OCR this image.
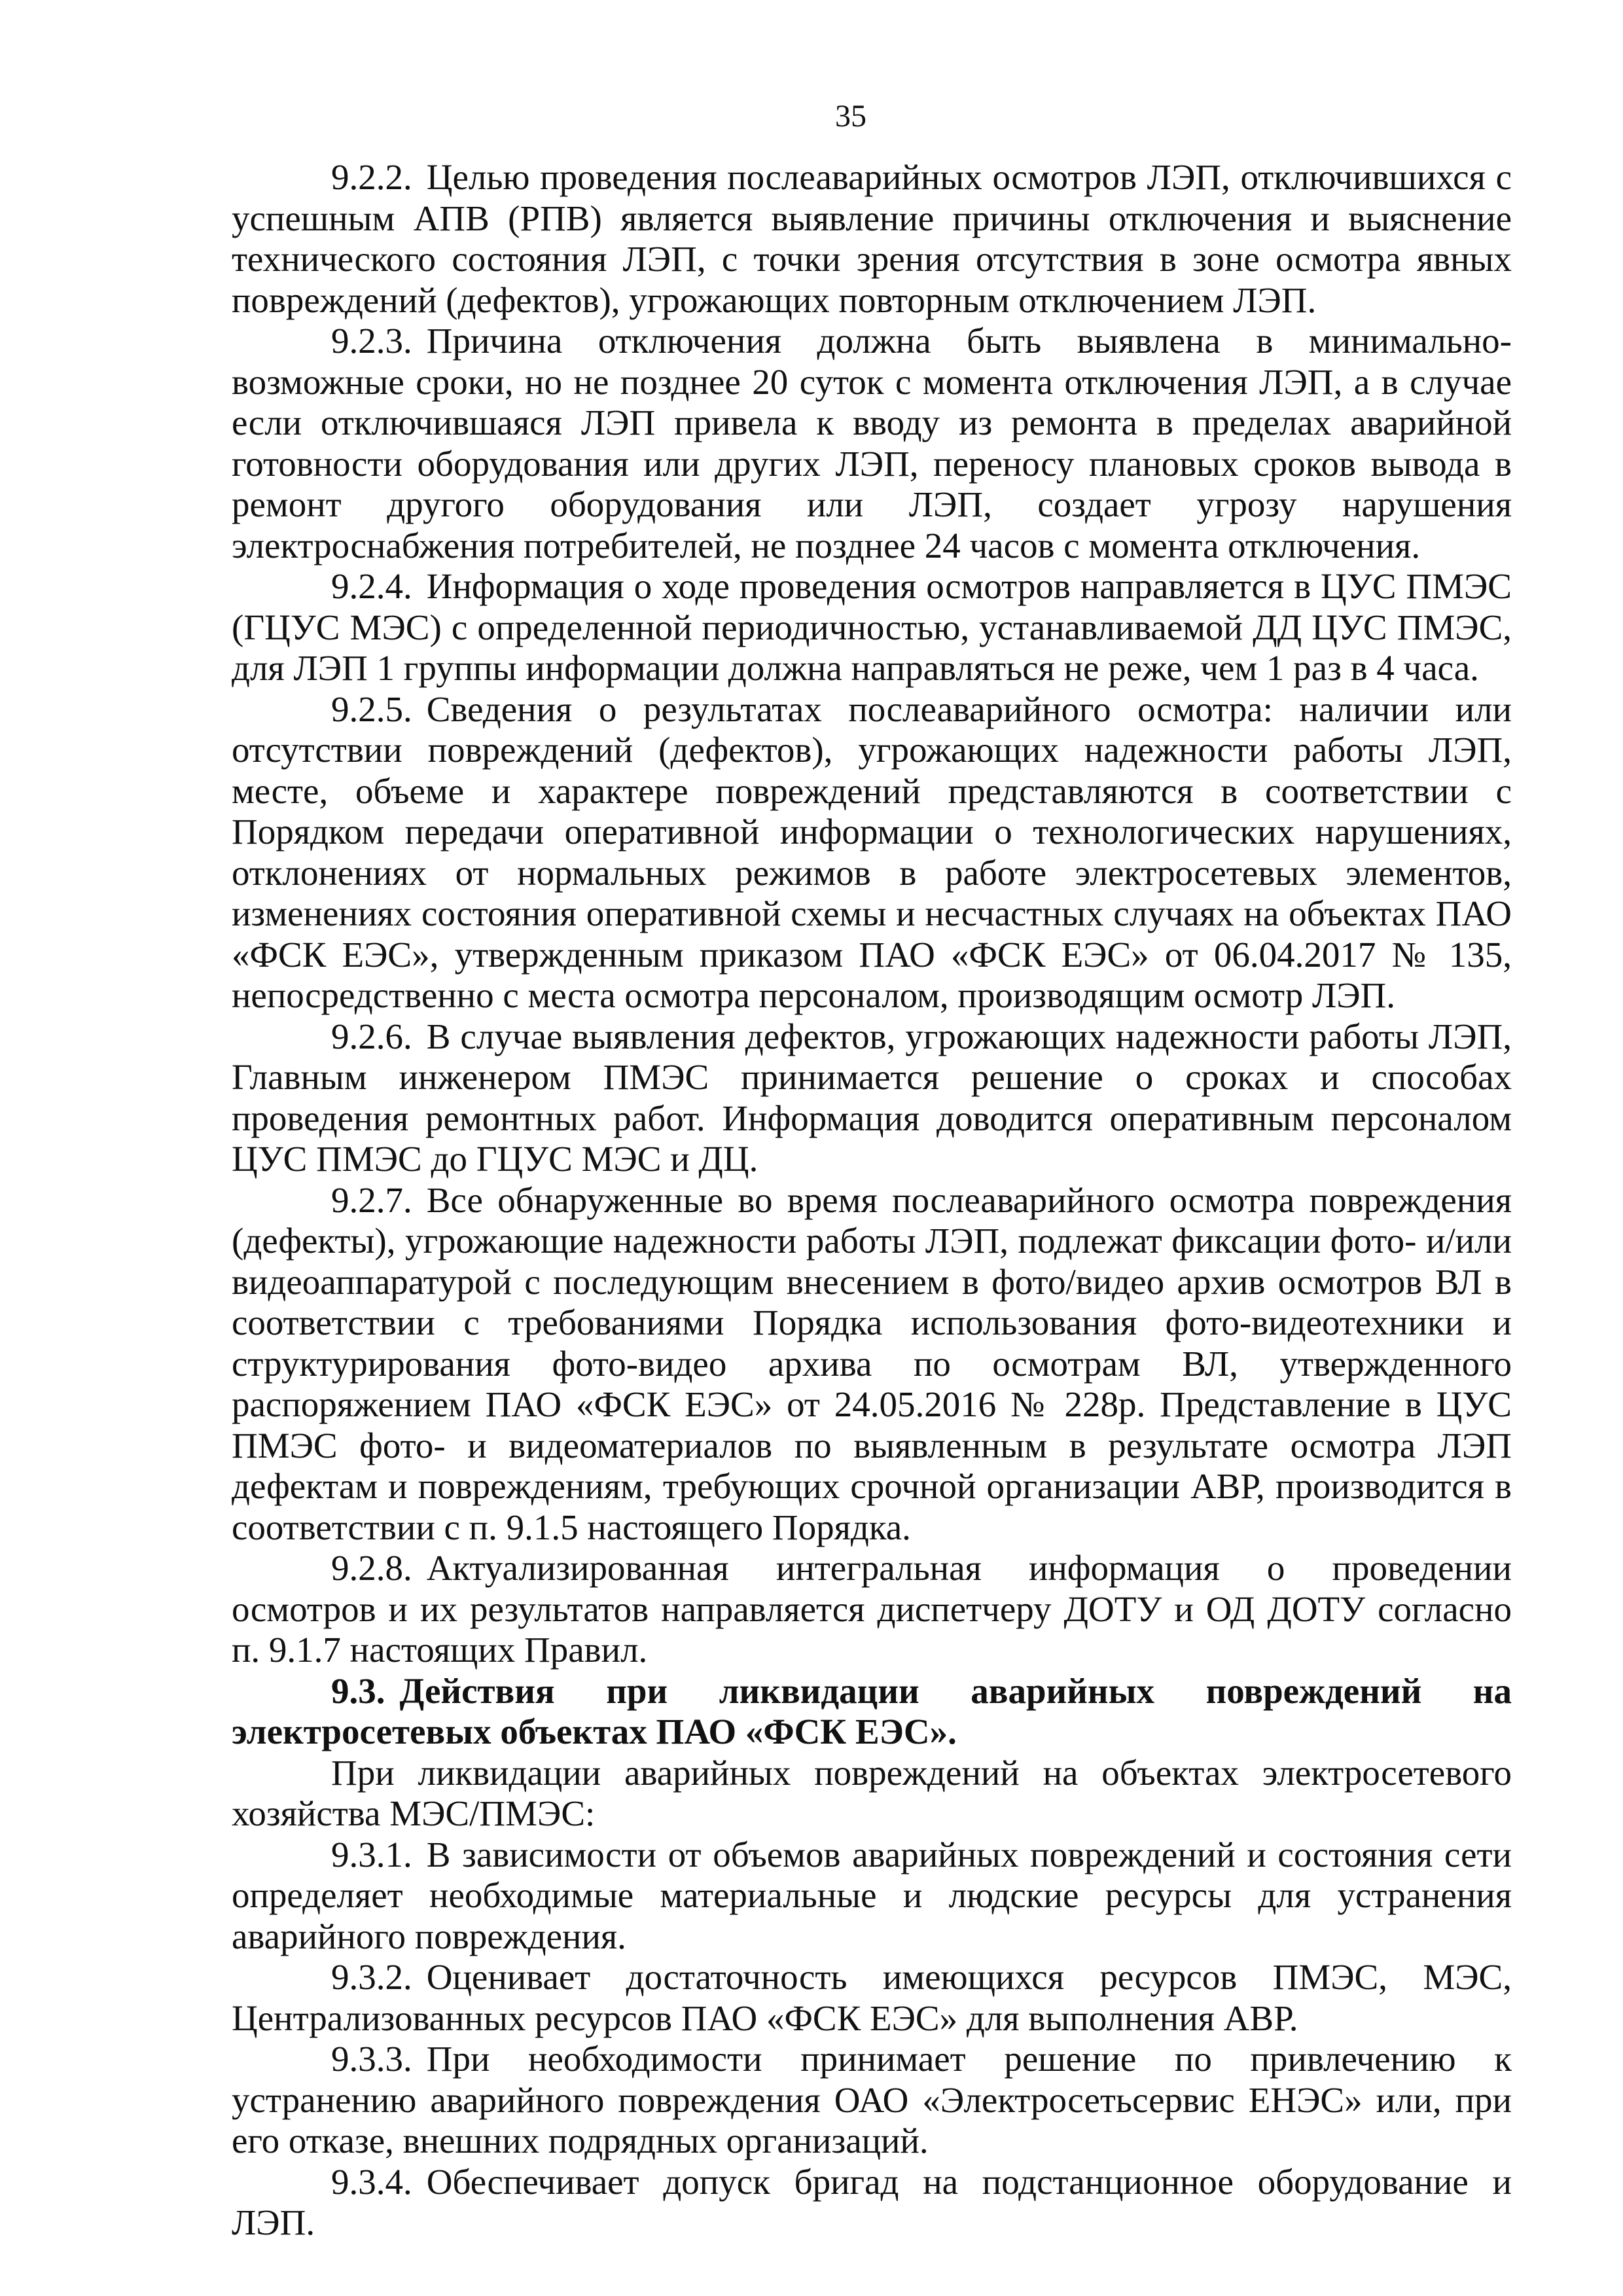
35

9.2.2. Целью проведения послеаварийных осмотров ЛЭП, отключившихся с успешным АПВ (РПВ) является выявление причины отключения и выяснение технического состояния ЛЭП, с точки зрения отсутствия в зоне осмотра явных повреждений (дефектов), угрожающих повторным отключением ЛЭП.

9.2.3. Причина отключения должна быть выявлена в минимально-возможные сроки, но не позднее 20 суток с момента отключения ЛЭП, а в случае если отключившаяся ЛЭП привела к вводу из ремонта в пределах аварийной готовности оборудования или других ЛЭП, переносу плановых сроков вывода в ремонт другого оборудования или ЛЭП, создает угрозу нарушения электроснабжения потребителей, не позднее 24 часов с момента отключения.

9.2.4. Информация о ходе проведения осмотров направляется в ЦУС ПМЭС (ГЦУС МЭС) с определенной периодичностью, устанавливаемой ДД ЦУС ПМЭС, для ЛЭП 1 группы информации должна направляться не реже, чем 1 раз в 4 часа.

9.2.5. Сведения о результатах послеаварийного осмотра: наличии или отсутствии повреждений (дефектов), угрожающих надежности работы ЛЭП, месте, объеме и характере повреждений представляются в соответствии с Порядком передачи оперативной информации о технологических нарушениях, отклонениях от нормальных режимов в работе электросетевых элементов, изменениях состояния оперативной схемы и несчастных случаях на объектах ПАО «ФСК ЕЭС», утвержденным приказом ПАО «ФСК ЕЭС» от 06.04.2017 № 135, непосредственно с места осмотра персоналом, производящим осмотр ЛЭП.

9.2.6. В случае выявления дефектов, угрожающих надежности работы ЛЭП, Главным инженером ПМЭС принимается решение о сроках и способах проведения ремонтных работ. Информация доводится оперативным персоналом ЦУС ПМЭС до ГЦУС МЭС и ДЦ.

9.2.7. Все обнаруженные во время послеаварийного осмотра повреждения (дефекты), угрожающие надежности работы ЛЭП, подлежат фиксации фото- и/или видеоаппаратурой с последующим внесением в фото/видео архив осмотров ВЛ в соответствии с требованиями Порядка использования фото-видеотехники и структурирования фото-видео архива по осмотрам ВЛ, утвержденного распоряжением ПАО «ФСК ЕЭС» от 24.05.2016 № 228р. Представление в ЦУС ПМЭС фото- и видеоматериалов по выявленным в результате осмотра ЛЭП дефектам и повреждениям, требующих срочной организации АВР, производится в соответствии с п. 9.1.5 настоящего Порядка.

9.2.8. Актуализированная интегральная информация о проведении осмотров и их результатов направляется диспетчеру ДОТУ и ОД ДОТУ согласно п. 9.1.7 настоящих Правил.

9.3. Действия при ликвидации аварийных повреждений на электросетевых объектах ПАО «ФСК ЕЭС».

При ликвидации аварийных повреждений на объектах электросетевого хозяйства МЭС/ПМЭС:

9.3.1. В зависимости от объемов аварийных повреждений и состояния сети определяет необходимые материальные и людские ресурсы для устранения аварийного повреждения.

9.3.2. Оценивает достаточность имеющихся ресурсов ПМЭС, МЭС, Централизованных ресурсов ПАО «ФСК ЕЭС» для выполнения АВР.

9.3.3. При необходимости принимает решение по привлечению к устранению аварийного повреждения ОАО «Электросетьсервис ЕНЭС» или, при его отказе, внешних подрядных организаций.

9.3.4. Обеспечивает допуск бригад на подстанционное оборудование и ЛЭП.
